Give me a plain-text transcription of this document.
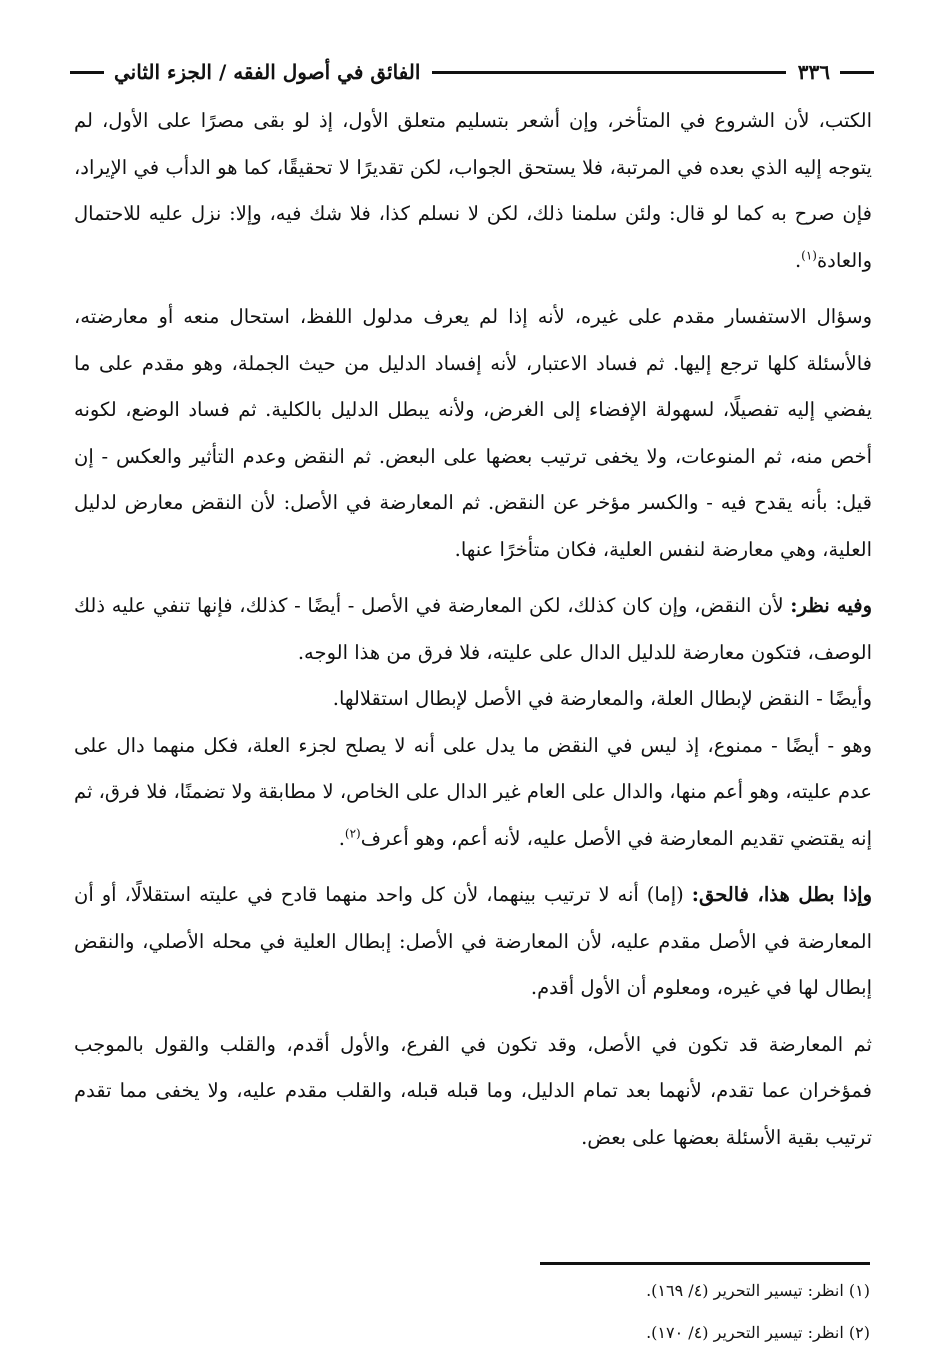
٣٣٦
الفائق في أصول الفقه / الجزء الثاني

الكتب، لأن الشروع في المتأخر، وإن أشعر بتسليم متعلق الأول، إذ لو بقى مصرًا على الأول، لم يتوجه إليه الذي بعده في المرتبة، فلا يستحق الجواب، لكن تقديرًا لا تحقيقًا، كما هو الدأب في الإيراد، فإن صرح به كما لو قال: ولئن سلمنا ذلك، لكن لا نسلم كذا، فلا شك فيه، وإلا: نزل عليه للاحتمال والعادة$^{(١)}$.

وسؤال الاستفسار مقدم على غيره، لأنه إذا لم يعرف مدلول اللفظ، استحال منعه أو معارضته، فالأسئلة كلها ترجع إليها. ثم فساد الاعتبار، لأنه إفساد الدليل من حيث الجملة، وهو مقدم على ما يفضي إليه تفصيلًا، لسهولة الإفضاء إلى الغرض، ولأنه يبطل الدليل بالكلية. ثم فساد الوضع، لكونه أخص منه، ثم المنوعات، ولا يخفى ترتيب بعضها على البعض. ثم النقض وعدم التأثير والعكس - إن قيل: بأنه يقدح فيه - والكسر مؤخر عن النقض. ثم المعارضة في الأصل: لأن النقض معارض لدليل العلية، وهي معارضة لنفس العلية، فكان متأخرًا عنها.

وفيه نظر: لأن النقض، وإن كان كذلك، لكن المعارضة في الأصل - أيضًا - كذلك، فإنها تنفي عليه ذلك الوصف، فتكون معارضة للدليل الدال على عليته، فلا فرق من هذا الوجه.

وأيضًا - النقض لإبطال العلة، والمعارضة في الأصل لإبطال استقلالها.

وهو - أيضًا - ممنوع، إذ ليس في النقض ما يدل على أنه لا يصلح لجزء العلة، فكل منهما دال على عدم عليته، وهو أعم منها، والدال على العام غير الدال على الخاص، لا مطابقة ولا تضمنًا، فلا فرق، ثم إنه يقتضي تقديم المعارضة في الأصل عليه، لأنه أعم، وهو أعرف$^{(٢)}$.

وإذا بطل هذا، فالحق: (إما) أنه لا ترتيب بينهما، لأن كل واحد منهما قادح في عليته استقلالًا، أو أن المعارضة في الأصل مقدم عليه، لأن المعارضة في الأصل: إبطال العلية في محله الأصلي، والنقض إبطال لها في غيره، ومعلوم أن الأول أقدم.

ثم المعارضة قد تكون في الأصل، وقد تكون في الفرع، والأول أقدم، والقلب والقول بالموجب فمؤخران عما تقدم، لأنهما بعد تمام الدليل، وما قبله قبله، والقلب مقدم عليه، ولا يخفى مما تقدم ترتيب بقية الأسئلة بعضها على بعض.

(١) انظر: تيسير التحرير (٤/ ١٦٩).
(٢) انظر: تيسير التحرير (٤/ ١٧٠).
